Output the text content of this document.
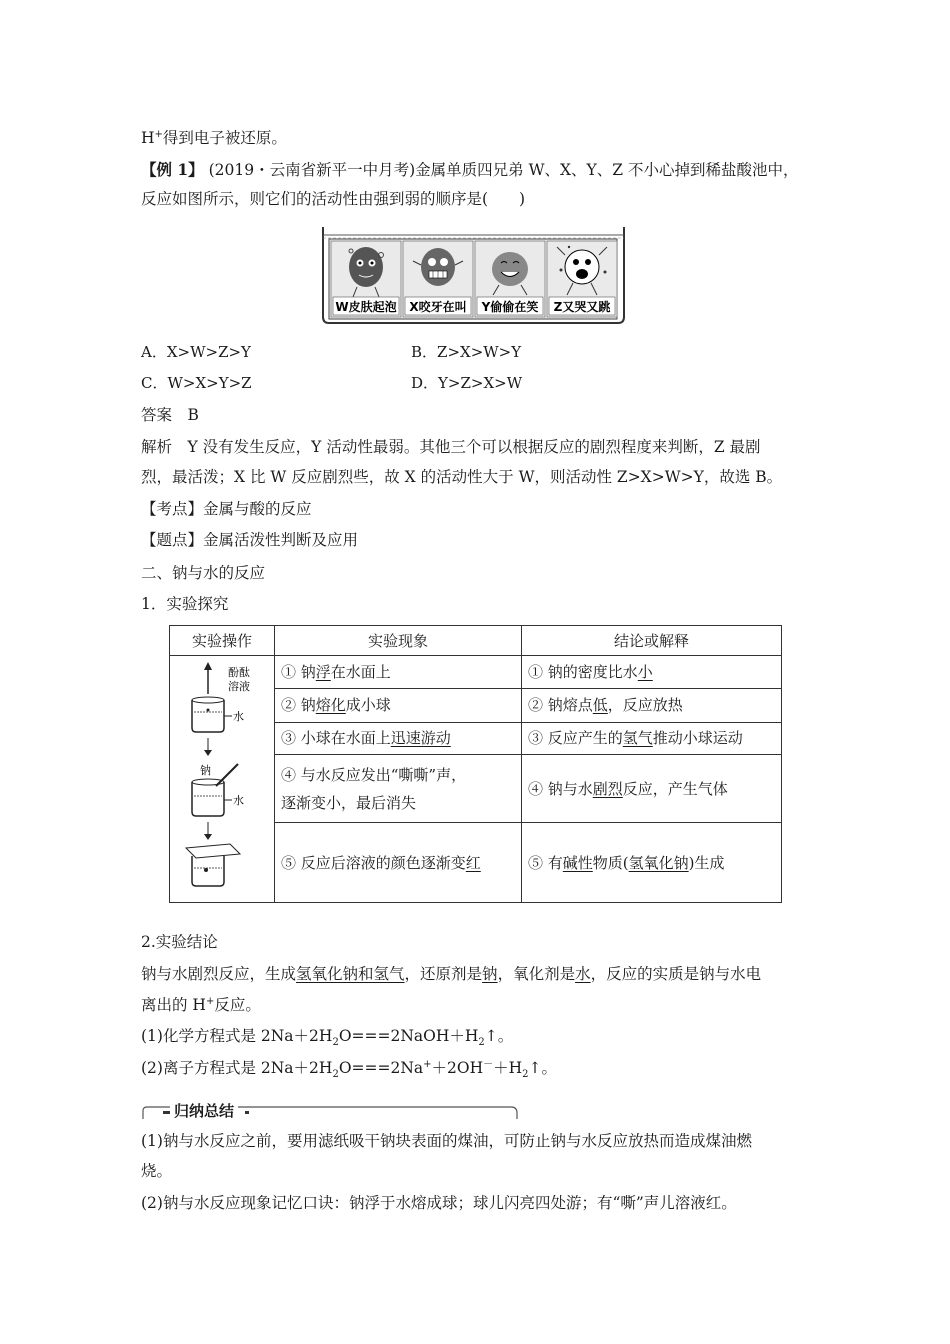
H+得到电子被还原。
【例 1】 (2019・云南省新平一中月考)金属单质四兄弟 W、X、Y、Z 不小心掉到稀盐酸池中，
反应如图所示，则它们的活动性由强到弱的顺序是(　　)
W皮肤起泡 X咬牙在叫 Y偷偷在笑 Z又哭又跳
A．X>W>Z>Y	B．Z>X>W>Y
C．W>X>Y>Z	D．Y>Z>X>W
答案　B
解析　Y 没有发生反应，Y 活动性最弱。其他三个可以根据反应的剧烈程度来判断，Z 最剧
烈，最活泼；X 比 W 反应剧烈些，故 X 的活动性大于 W，则活动性 Z>X>W>Y，故选 B。
【考点】金属与酸的反应
【题点】金属活泼性判断及应用
二、钠与水的反应
1．实验探究
实验操作	实验现象	结论或解释

酚酞
溶液
水
钠
水	① 钠浮在水面上	① 钠的密度比水小
	② 钠熔化成小球	② 钠熔点低，反应放热
	③ 小球在水面上迅速游动	③ 反应产生的氢气推动小球运动
	④ 与水反应发出“嘶嘶”声，
逐渐变小，最后消失	④ 钠与水剧烈反应，产生气体
	⑤ 反应后溶液的颜色逐渐变红	⑤ 有碱性物质(氢氧化钠)生成
2.实验结论
钠与水剧烈反应，生成氢氧化钠和氢气，还原剂是钠，氧化剂是水，反应的实质是钠与水电
离出的 H+反应。
(1)化学方程式是 $2Na+2H_2O===2NaOH+H_2↑$。
(2)离子方程式是 $2Na+2H_2O===2Na^++2OH^-+H_2↑$。
归纳总结
(1)钠与水反应之前，要用滤纸吸干钠块表面的煤油，可防止钠与水反应放热而造成煤油燃
烧。
(2)钠与水反应现象记忆口诀：钠浮于水熔成球；球儿闪亮四处游；有“嘶”声儿溶液红。
